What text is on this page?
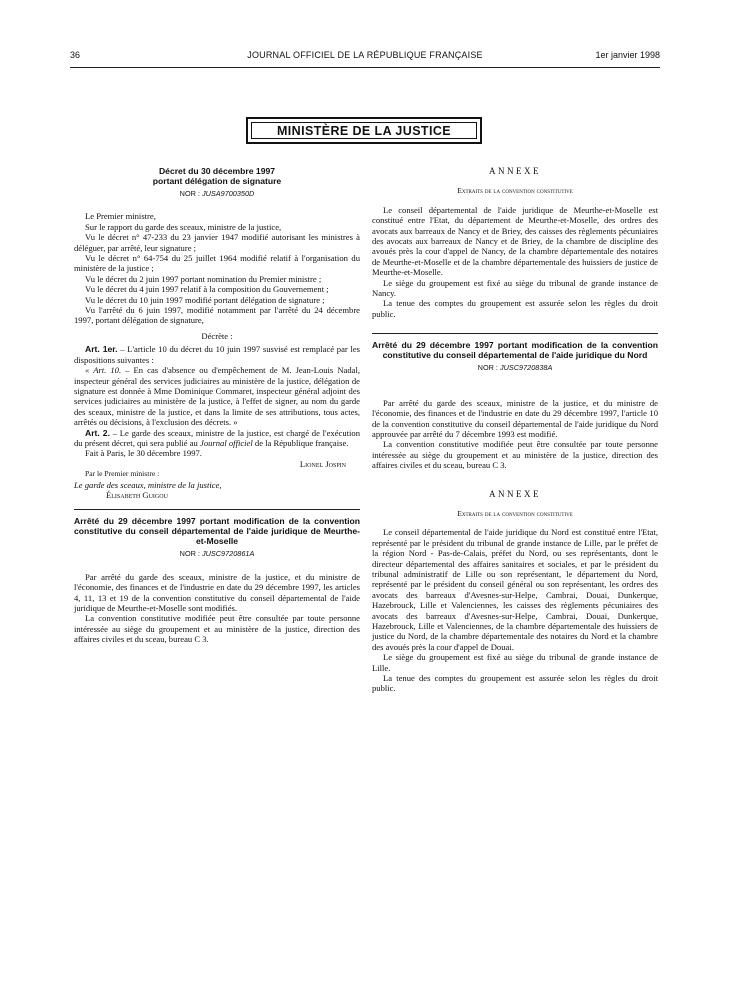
36	JOURNAL OFFICIEL DE LA RÉPUBLIQUE FRANÇAISE	1er janvier 1998
MINISTÈRE DE LA JUSTICE
Décret du 30 décembre 1997
portant délégation de signature
NOR : JUSA9700350D

Le Premier ministre,

Sur le rapport du garde des sceaux, ministre de la justice,

Vu le décret n° 47-233 du 23 janvier 1947 modifié autorisant les ministres à déléguer, par arrêté, leur signature ;

Vu le décret n° 64-754 du 25 juillet 1964 modifié relatif à l'organisation du ministère de la justice ;

Vu le décret du 2 juin 1997 portant nomination du Premier ministre ;

Vu le décret du 4 juin 1997 relatif à la composition du Gouvernement ;

Vu le décret du 10 juin 1997 modifié portant délégation de signature ;

Vu l'arrêté du 6 juin 1997, modifié notamment par l'arrêté du 24 décembre 1997, portant délégation de signature,

Décrète :

Art. 1er. – L'article 10 du décret du 10 juin 1997 susvisé est remplacé par les dispositions suivantes :

« Art. 10. – En cas d'absence ou d'empêchement de M. Jean-Louis Nadal, inspecteur général des services judiciaires au ministère de la justice, délégation de signature est donnée à Mme Dominique Commaret, inspecteur général adjoint des services judiciaires au ministère de la justice, à l'effet de signer, au nom du garde des sceaux, ministre de la justice, et dans la limite de ses attributions, tous actes, arrêtés ou décisions, à l'exclusion des décrets. »

Art. 2. – Le garde des sceaux, ministre de la justice, est chargé de l'exécution du présent décret, qui sera publié au Journal officiel de la République française.

Fait à Paris, le 30 décembre 1997.

Lionel Jospin

Par le Premier ministre :

Le garde des sceaux, ministre de la justice,

Élisabeth Guigou

Arrêté du 29 décembre 1997 portant modification de la convention constitutive du conseil départemental de l'aide juridique de Meurthe-et-Moselle
NOR : JUSC9720861A

Par arrêté du garde des sceaux, ministre de la justice, et du ministre de l'économie, des finances et de l'industrie en date du 29 décembre 1997, les articles 4, 11, 13 et 19 de la convention constitutive du conseil départemental de l'aide juridique de Meurthe-et-Moselle sont modifiés.

La convention constitutive modifiée peut être consultée par toute personne intéressée au siège du groupement et au ministère de la justice, direction des affaires civiles et du sceau, bureau C 3.

ANNEXE

Extraits de la convention constitutive

Le conseil départemental de l'aide juridique de Meurthe-et-Moselle est constitué entre l'Etat, du département de Meurthe-et-Moselle, des ordres des avocats aux barreaux de Nancy et de Briey, des caisses des règlements pécuniaires des avocats aux barreaux de Nancy et de Briey, de la chambre de discipline des avoués près la cour d'appel de Nancy, de la chambre départementale des notaires de Meurthe-et-Moselle et de la chambre départementale des huissiers de justice de Meurthe-et-Moselle.

Le siège du groupement est fixé au siège du tribunal de grande instance de Nancy.

La tenue des comptes du groupement est assurée selon les règles du droit public.

Arrêté du 29 décembre 1997 portant modification de la convention constitutive du conseil départemental de l'aide juridique du Nord
NOR : JUSC9720838A

Par arrêté du garde des sceaux, ministre de la justice, et du ministre de l'économie, des finances et de l'industrie en date du 29 décembre 1997, l'article 10 de la convention constitutive du conseil départemental de l'aide juridique du Nord approuvée par arrêté du 7 décembre 1993 est modifié.

La convention constitutive modifiée peut être consultée par toute personne intéressée au siège du groupement et au ministère de la justice, direction des affaires civiles et du sceau, bureau C 3.

ANNEXE

Extraits de la convention constitutive

Le conseil départemental de l'aide juridique du Nord est constitué entre l'Etat, représenté par le président du tribunal de grande instance de Lille, par le préfet de la région Nord - Pas-de-Calais, préfet du Nord, ou ses représentants, dont le directeur départemental des affaires sanitaires et sociales, et par le président du tribunal administratif de Lille ou son représentant, le département du Nord, représenté par le président du conseil général ou son représentant, les ordres des avocats des barreaux d'Avesnes-sur-Helpe, Cambrai, Douai, Dunkerque, Hazebrouck, Lille et Valenciennes, les caisses des règlements pécuniaires des avocats des barreaux d'Avesnes-sur-Helpe, Cambrai, Douai, Dunkerque, Hazebrouck, Lille et Valenciennes, de la chambre départementale des huissiers de justice du Nord, de la chambre départementale des notaires du Nord et la chambre des avoués près la cour d'appel de Douai.

Le siège du groupement est fixé au siège du tribunal de grande instance de Lille.

La tenue des comptes du groupement est assurée selon les règles du droit public.
